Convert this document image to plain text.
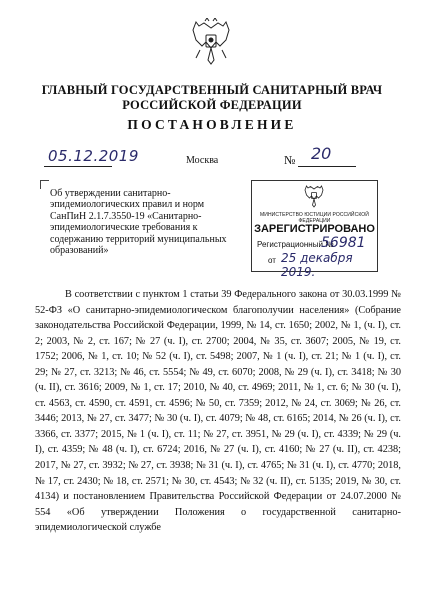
ГЛАВНЫЙ ГОСУДАРСТВЕННЫЙ САНИТАРНЫЙ ВРАЧ
РОССИЙСКОЙ ФЕДЕРАЦИИ
ПОСТАНОВЛЕНИЕ
05.12.2019	Москва	№ 20
Об утверждении санитарно-эпидемиологических правил и норм СанПиН 2.1.7.3550-19 «Санитарно-эпидемиологические требования к содержанию территорий муниципальных образований»
МИНИСТЕРСТВО ЮСТИЦИИ РОССИЙСКОЙ ФЕДЕРАЦИИ
ЗАРЕГИСТРИРОВАНО
Регистрационный №
56981
от 25 декабря 2019.

В соответствии с пунктом 1 статьи 39 Федерального закона от 30.03.1999 № 52-ФЗ «О санитарно-эпидемиологическом благополучии населения» (Собрание законодательства Российской Федерации, 1999, № 14, ст. 1650; 2002, № 1, (ч. I), ст. 2; 2003, № 2, ст. 167; № 27 (ч. I), ст. 2700; 2004, № 35, ст. 3607; 2005, № 19, ст. 1752; 2006, № 1, ст. 10; № 52 (ч. I), ст. 5498; 2007, № 1 (ч. I), ст. 21; № 1 (ч. I), ст. 29; № 27, ст. 3213; № 46, ст. 5554; № 49, ст. 6070; 2008, № 29 (ч. I), ст. 3418; № 30 (ч. II), ст. 3616; 2009, № 1, ст. 17; 2010, № 40, ст. 4969; 2011, № 1, ст. 6; № 30 (ч. I), ст. 4563, ст. 4590, ст. 4591, ст. 4596; № 50, ст. 7359; 2012, № 24, ст. 3069; № 26, ст. 3446; 2013, № 27, ст. 3477; № 30 (ч. I), ст. 4079; № 48, ст. 6165; 2014, № 26 (ч. I), ст. 3366, ст. 3377; 2015, № 1 (ч. I), ст. 11; № 27, ст. 3951, № 29 (ч. I), ст. 4339; № 29 (ч. I), ст. 4359; № 48 (ч. I), ст. 6724; 2016, № 27 (ч. I), ст. 4160; № 27 (ч. II), ст. 4238; 2017, № 27, ст. 3932; № 27, ст. 3938; № 31 (ч. I), ст. 4765; № 31 (ч. I), ст. 4770; 2018, № 17, ст. 2430; № 18, ст. 2571; № 30, ст. 4543; № 32 (ч. II), ст. 5135; 2019, № 30, ст. 4134) и постановлением Правительства Российской Федерации от 24.07.2000 № 554 «Об утверждении Положения о государственной санитарно-эпидемиологической службе
